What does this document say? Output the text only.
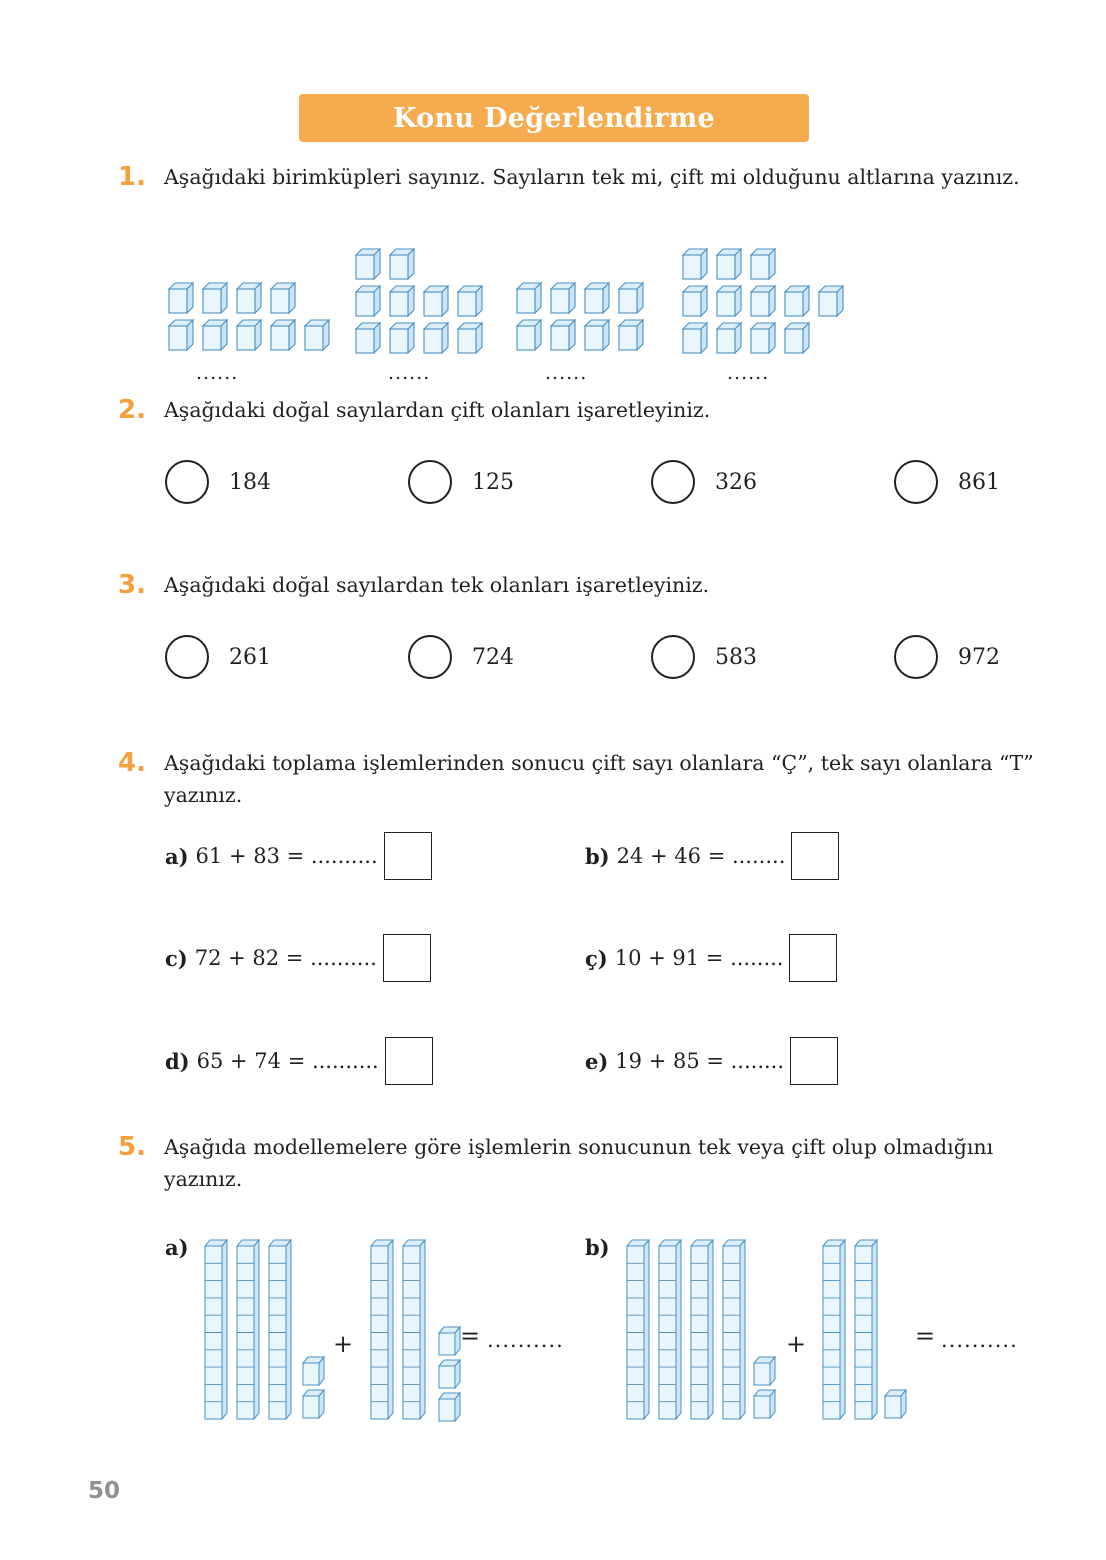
Konu Değerlendirme
1. Aşağıdaki birimküpleri sayınız. Sayıların tek mi, çift mi olduğunu altlarına yazınız.
......	......	......	......
2. Aşağıdaki doğal sayılardan çift olanları işaretleyiniz.
184	125	326	861
3. Aşağıdaki doğal sayılardan tek olanları işaretleyiniz.
261	724	583	972
4. Aşağıdaki toplama işlemlerinden sonucu çift sayı olanlara “Ç”, tek sayı olanlara “T” yazınız.
a) 61 + 83 = ..........	b) 24 + 46 = ........
c) 72 + 82 = ..........	ç) 10 + 91 = ........
d) 65 + 74 = ..........	e) 19 + 85 = ........
5. Aşağıda modellemelere göre işlemlerin sonucunun tek veya çift olup olmadığını yazınız.
a)
+	= ..........
b)
+	= ..........
50
